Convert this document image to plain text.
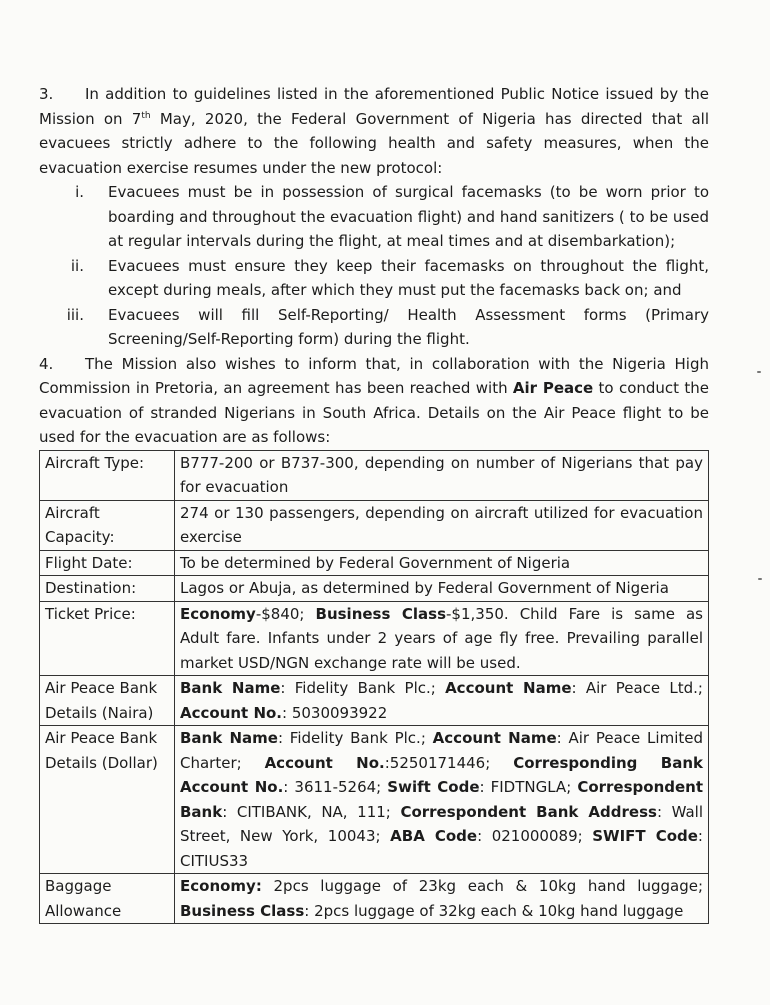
3. In addition to guidelines listed in the aforementioned Public Notice issued by the Mission on 7th May, 2020, the Federal Government of Nigeria has directed that all evacuees strictly adhere to the following health and safety measures, when the evacuation exercise resumes under the new protocol:

i. Evacuees must be in possession of surgical facemasks (to be worn prior to boarding and throughout the evacuation flight) and hand sanitizers ( to be used at regular intervals during the flight, at meal times and at disembarkation);
ii. Evacuees must ensure they keep their facemasks on throughout the flight, except during meals, after which they must put the facemasks back on; and
iii. Evacuees will fill Self-Reporting/ Health Assessment forms (Primary Screening/Self-Reporting form) during the flight.

4. The Mission also wishes to inform that, in collaboration with the Nigeria High Commission in Pretoria, an agreement has been reached with Air Peace to conduct the evacuation of stranded Nigerians in South Africa. Details on the Air Peace flight to be used for the evacuation are as follows:

Aircraft Type:	B777-200 or B737-300, depending on number of Nigerians that pay for evacuation
Aircraft
Capacity:	274 or 130 passengers, depending on aircraft utilized for evacuation exercise
Flight Date:	To be determined by Federal Government of Nigeria
Destination:	Lagos or Abuja, as determined by Federal Government of Nigeria
Ticket Price:	Economy-$840; Business Class-$1,350. Child Fare is same as Adult fare. Infants under 2 years of age fly free. Prevailing parallel market USD/NGN exchange rate will be used.
Air Peace Bank
Details (Naira)	Bank Name: Fidelity Bank Plc.; Account Name: Air Peace Ltd.; Account No.: 5030093922
Air Peace Bank
Details (Dollar)	Bank Name: Fidelity Bank Plc.; Account Name: Air Peace Limited Charter; Account No.:5250171446; Corresponding Bank Account No.: 3611-5264; Swift Code: FIDTNGLA; Correspondent Bank: CITIBANK, NA, 111; Correspondent Bank Address: Wall Street, New York, 10043; ABA Code: 021000089; SWIFT Code: CITIUS33
Baggage
Allowance	Economy: 2pcs luggage of 23kg each & 10kg hand luggage; Business Class: 2pcs luggage of 32kg each & 10kg hand luggage
